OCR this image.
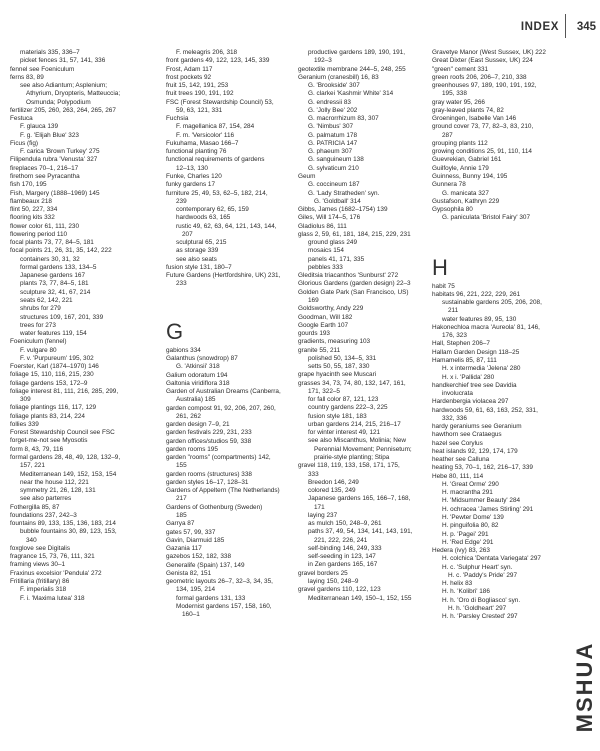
INDEX 345
materials 335, 336–7
picket fences 31, 57, 141, 336
fennel see Foeniculum
ferns 83, 89
see also Adiantum; Asplenium;
Athyrium, Dryopteris, Matteuccia;
Osmunda; Polypodium
fertilizer 205, 260, 263, 264, 265, 267
Festuca
F. glauca 139
F. g. 'Elijah Blue' 323
Ficus (fig)
F. carica 'Brown Turkey' 275
Filipendula rubra 'Venusta' 327
fireplaces 70–1, 216–17
firethorn see Pyracantha
fish 170, 195
Fish, Margery (1888–1969) 145
flambeaux 218
flint 50, 227, 334
flooring kits 332
flower color 61, 111, 230
flowering period 110
focal plants 73, 77, 84–5, 181
focal points 21, 26, 31, 35, 142, 222
containers 30, 31, 32
formal gardens 133, 134–5
Japanese gardens 167
plants 73, 77, 84–5, 181
sculpture 32, 41, 67, 214
seats 62, 142, 221
shrubs for 279
structures 109, 167, 201, 339
trees for 273
water features 119, 154
Foeniculum (fennel)
F. vulgare 80
F. v. 'Purpureum' 195, 302
Foerster, Karl (1874–1970) 146
foliage 15, 110, 116, 215, 230
foliage gardens 153, 172–9
foliage interest 81, 111, 216, 285, 299,
309
foliage plantings 116, 117, 129
foliage plants 83, 214, 224
follies 339
Forest Stewardship Council see FSC
forget-me-not see Myosotis
form 8, 43, 79, 116
formal gardens 28, 48, 49, 128, 132–9,
157, 221
Mediterranean 149, 152, 153, 154
near the house 112, 221
symmetry 21, 26, 128, 131
see also parterres
Fothergilla 85, 87
foundations 237, 242–3
fountains 89, 133, 135, 136, 183, 214
bubble fountains 30, 89, 123, 153,
340
foxglove see Digitalis
fragrance 15, 73, 76, 111, 321
framing views 30–1
Fraxinus excelsior 'Pendula' 272
Fritillaria (fritillary) 86
F. imperialis 318
F. i. 'Maxima lutea' 318
F. meleagris 206, 318
front gardens 49, 122, 123, 145, 339
Frost, Adam 117
frost pockets 92
fruit 15, 142, 191, 253
fruit trees 190, 191, 192
FSC (Forest Stewardship Council) 53,
59, 63, 121, 331
Fuchsia
F. magellanica 87, 154, 284
F. m. 'Versicolor' 116
Fukuhama, Masao 166–7
functional planting 76
functional requirements of gardens
12–13, 130
Funke, Charles 120
funky gardens 17
furniture 25, 49, 53, 62–5, 182, 214,
239
contemporary 62, 65, 159
hardwoods 63, 165
rustic 49, 62, 63, 64, 121, 143, 144,
207
sculptural 65, 215
as storage 339
see also seats
fusion style 131, 180–7
Future Gardens (Hertfordshire, UK) 231,
233
G
gabions 334
Galanthus (snowdrop) 87
G. 'Atkinsii' 318
Galium odoratum 194
Galtonia viridiflora 318
Garden of Australian Dreams (Canberra,
Australia) 185
garden compost 91, 92, 206, 207, 260,
261, 262
garden design 7–9, 21
garden festivals 229, 231, 233
garden offices/studios 59, 338
garden rooms 195
garden "rooms" (compartments) 142,
155
garden rooms (structures) 338
garden styles 16–17, 128–31
Gardens of Appeltern (The Netherlands)
217
Gardens of Gothenburg (Sweden)
185
Garrya 87
gates 57, 99, 337
Gavin, Diarmuid 185
Gazania 117
gazebos 152, 182, 338
Generalife (Spain) 137, 149
Genista 82, 151
geometric layouts 26–7, 32–3, 34, 35,
134, 195, 214
formal gardens 131, 133
Modernist gardens 157, 158, 160,
160–1
productive gardens 189, 190, 191,
192–3
geotextile membrane 244–5, 248, 255
Geranium (cranesbill) 16, 83
G. 'Brookside' 307
G. clarkei 'Kashmir White' 314
G. endressii 83
G. 'Jolly Bee' 202
G. macrorrhizum 83, 307
G. 'Nimbus' 307
G. palmatum 178
G. PATRICIA 147
G. phaeum 307
G. sanguineum 138
G. sylvaticum 210
Geum
G. coccineum 187
G. 'Lady Stratheden' syn.
G. 'Goldball' 314
Gibbs, James (1682–1754) 139
Giles, Will 174–5, 176
Gladiolus 86, 111
glass 2, 59, 61, 181, 184, 215, 229, 231
ground glass 249
mosaics 154
panels 41, 171, 335
pebbles 333
Gleditsia triacanthos 'Sunburst' 272
Glorious Gardens (garden design) 22–3
Golden Gate Park (San Francisco, US)
169
Goldsworthy, Andy 229
Goodman, Will 182
Google Earth 107
gourds 193
gradients, measuring 103
granite 55, 211
polished 50, 134–5, 331
setts 50, 55, 187, 330
grape hyacinth see Muscari
grasses 34, 73, 74, 80, 132, 147, 161,
171, 322–5
for fall color 87, 121, 123
country gardens 222–3, 225
fusion style 181, 183
urban gardens 214, 215, 216–17
for winter interest 49, 121
see also Miscanthus, Molinia; New
Perennial Movement; Pennisetum;
prairie-style planting; Stipa
gravel 118, 119, 133, 158, 171, 175,
333
Breedon 146, 249
colored 135, 249
Japanese gardens 165, 166–7, 168,
171
laying 237
as mulch 150, 248–9, 261
paths 37, 49, 54, 134, 141, 143, 191,
221, 222, 226, 241
self-binding 146, 249, 333
self-seeding in 123, 147
in Zen gardens 165, 167
gravel borders 25
laying 150, 248–9
gravel gardens 110, 122, 123
Mediterranean 149, 150–1, 152, 155
Gravetye Manor (West Sussex, UK) 222
Great Dixter (East Sussex, UK) 224
"green" cement 331
green roofs 206, 206–7, 210, 338
greenhouses 97, 189, 190, 191, 192,
195, 338
gray water 95, 266
gray-leaved plants 74, 82
Groeningen, Isabelle Van 146
ground cover 73, 77, 82–3, 83, 210,
287
grouping plants 112
growing conditions 25, 91, 110, 114
Guevrekian, Gabriel 161
Guilfoyle, Annie 179
Guinness, Bunny 194, 195
Gunnera 78
G. manicata 327
Gustafson, Kathryn 229
Gypsophila 80
G. paniculata 'Bristol Fairy' 307
H
habit 75
habitats 96, 221, 222, 229, 261
sustainable gardens 205, 206, 208,
211
water features 89, 95, 130
Hakonechloa macra 'Aureola' 81, 146,
176, 323
Hall, Stephen 206–7
Hallam Garden Design 118–25
Hamamelis 85, 87, 111
H. x intermedia 'Jelena' 280
H. x i. 'Pallida' 280
handkerchief tree see Davidia
involucrata
Hardenbergia violacea 297
hardwoods 59, 61, 63, 163, 252, 331,
332, 336
hardy geraniums see Geranium
hawthorn see Crataegus
hazel see Corylus
heat islands 92, 129, 174, 179
heather see Calluna
heating 53, 70–1, 162, 216–17, 339
Hebe 80, 111, 114
H. 'Great Orme' 290
H. macrantha 291
H. 'Midsummer Beauty' 284
H. ochracea 'James Stirling' 291
H. 'Pewter Dome' 139
H. pinguifolia 80, 82
H. p. 'Pagei' 291
H. 'Red Edge' 291
Hedera (ivy) 83, 263
H. colchica 'Dentata Variegata' 297
H. c. 'Sulphur Heart' syn.
H. c. 'Paddy's Pride' 297
H. helix 83
H. h. 'Kolibri' 186
H. h. 'Oro di Bogliasco' syn.
H. h. 'Goldheart' 297
H. h. 'Parsley Crested' 297
MSHUA
